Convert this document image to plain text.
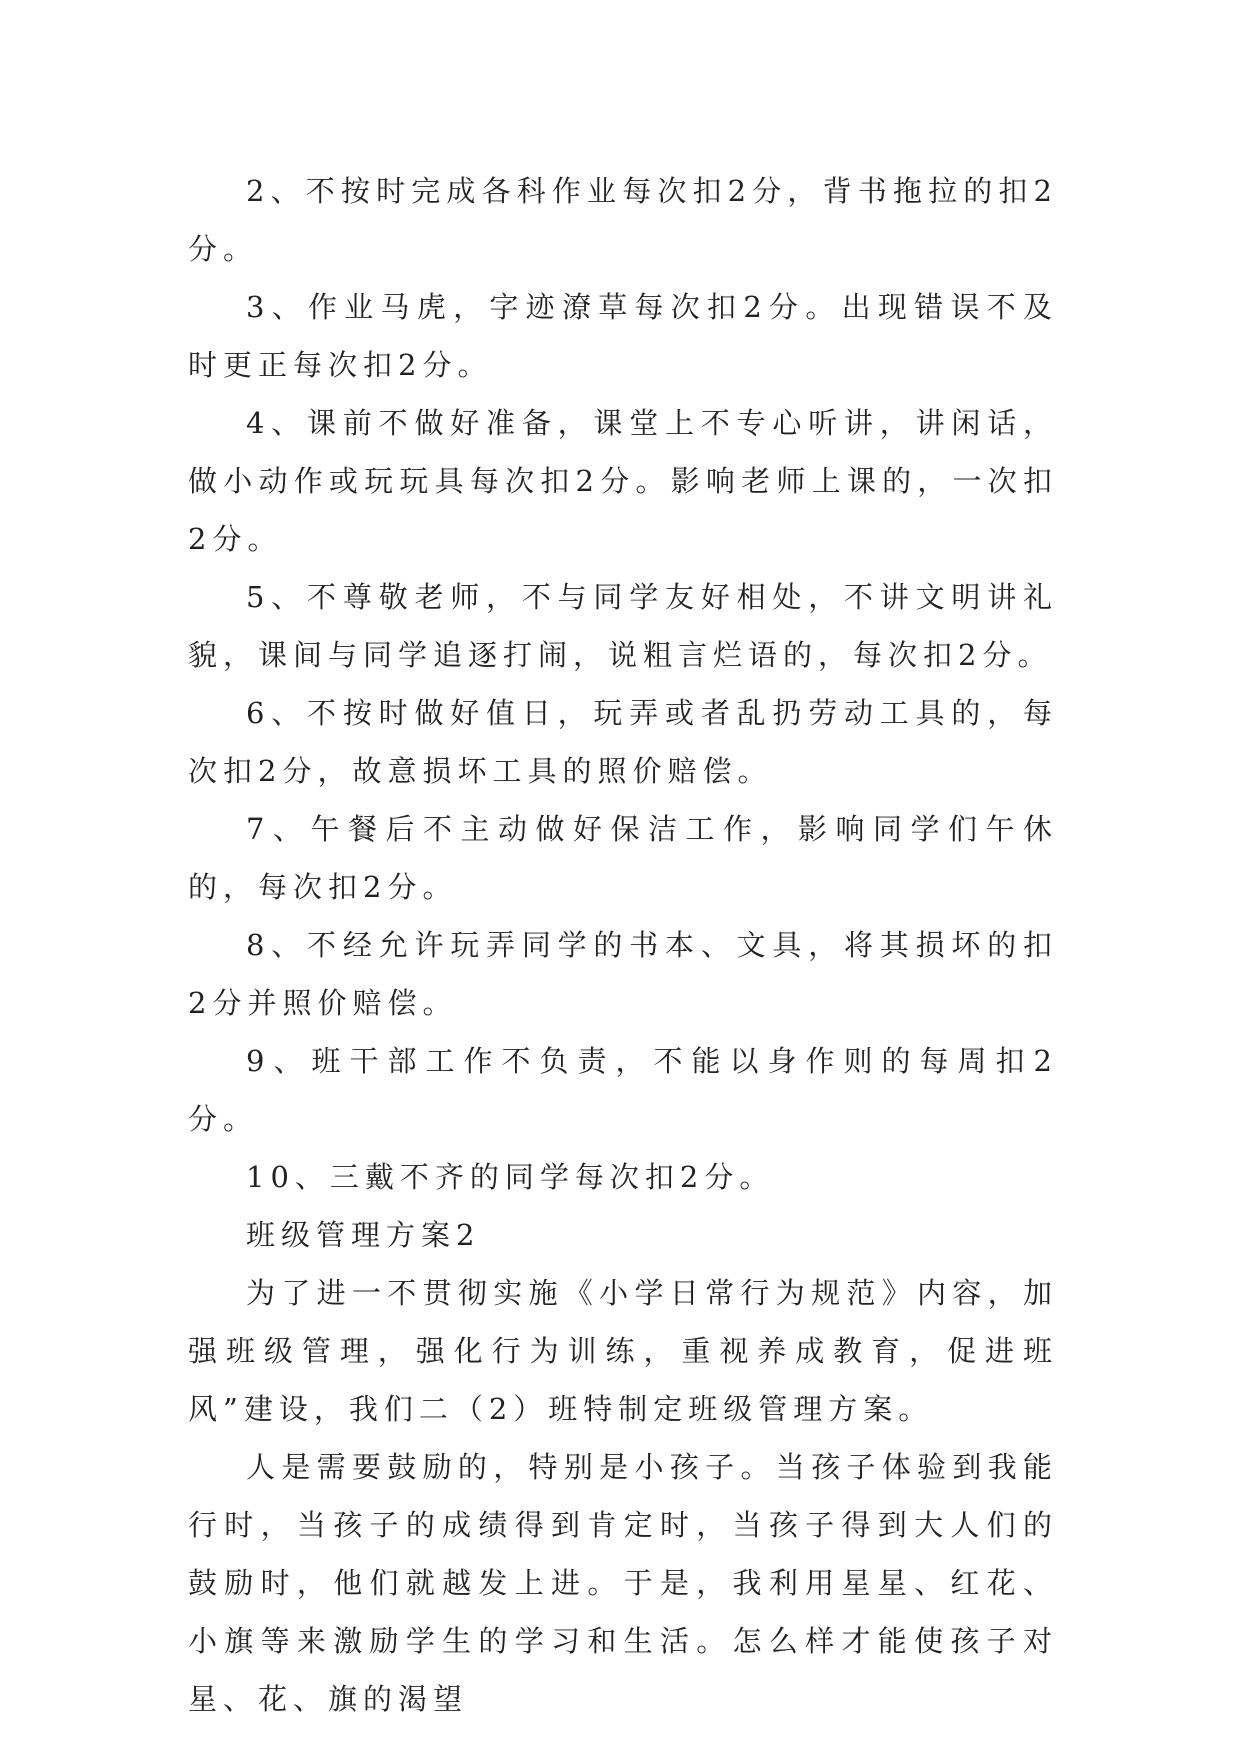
2、不按时完成各科作业每次扣2分，背书拖拉的扣2分。

3、作业马虎，字迹潦草每次扣2分。出现错误不及时更正每次扣2分。

4、课前不做好准备，课堂上不专心听讲，讲闲话，做小动作或玩玩具每次扣2分。影响老师上课的，一次扣2分。

5、不尊敬老师，不与同学友好相处，不讲文明讲礼貌，课间与同学追逐打闹，说粗言烂语的，每次扣2分。

6、不按时做好值日，玩弄或者乱扔劳动工具的，每次扣2分，故意损坏工具的照价赔偿。

7、午餐后不主动做好保洁工作，影响同学们午休的，每次扣2分。

8、不经允许玩弄同学的书本、文具，将其损坏的扣2分并照价赔偿。

9、班干部工作不负责，不能以身作则的每周扣2分。

10、三戴不齐的同学每次扣2分。

班级管理方案2

为了进一不贯彻实施《小学日常行为规范》内容，加强班级管理，强化行为训练，重视养成教育，促进班风”建设，我们二（2）班特制定班级管理方案。

人是需要鼓励的，特别是小孩子。当孩子体验到我能行时，当孩子的成绩得到肯定时，当孩子得到大人们的鼓励时，他们就越发上进。于是，我利用星星、红花、小旗等来激励学生的学习和生活。怎么样才能使孩子对星、花、旗的渴望
